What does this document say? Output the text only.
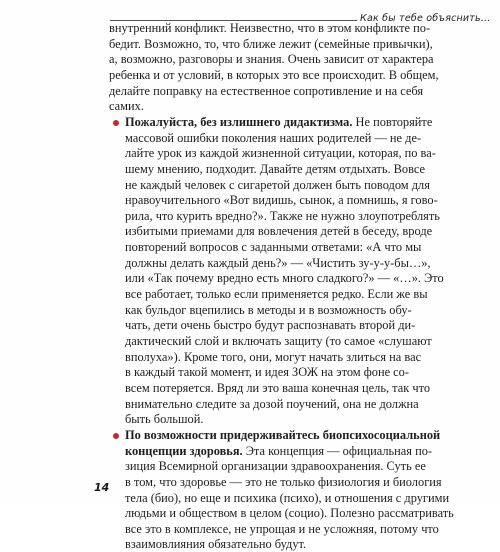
Как бы тебе объяснить…
внутренний конфликт. Неизвестно, что в этом конфликте по-
бедит. Возможно, то, что ближе лежит (семейные привычки),
а, возможно, разговоры и знания. Очень зависит от характера
ребенка и от условий, в которых это все происходит. В общем,
делайте поправку на естественное сопротивление и на себя
самих.
Пожалуйста, без излишнего дидактизма. Не повторяйте
массовой ошибки поколения наших родителей — не де-
лайте урок из каждой жизненной ситуации, которая, по ва-
шему мнению, подходит. Давайте детям отдыхать. Вовсе
не каждый человек с сигаретой должен быть поводом для
нравоучительного «Вот видишь, сынок, а помнишь, я гово-
рила, что курить вредно?». Также не нужно злоупотреблять
избитыми приемами для вовлечения детей в беседу, вроде
повторений вопросов с заданными ответами: «А что мы
должны делать каждый день?» — «Чистить зу-у-у-бы…»,
или «Так почему вредно есть много сладкого?» — «…». Это
все работает, только если применяется редко. Если же вы
как бульдог вцепились в методы и в возможность обу-
чать, дети очень быстро будут распознавать второй ди-
дактический слой и включать защиту (то самое «слушают
вполуха»). Кроме того, они, могут начать злиться на вас
в каждый такой момент, и идея ЗОЖ на этом фоне со-
всем потеряется. Вряд ли это ваша конечная цель, так что
внимательно следите за дозой поучений, она не должна
быть большой.
По возможности придерживайтесь биопсихосоциальной
концепции здоровья. Эта концепция — официальная по-
зиция Всемирной организации здравоохранения. Суть ее
в том, что здоровье — это не только физиология и биология
тела (био), но еще и психика (психо), и отношения с другими
людьми и обществом в целом (социо). Полезно рассматривать
все это в комплексе, не упрощая и не усложняя, потому что
взаимовлияния обязательно будут.
14
